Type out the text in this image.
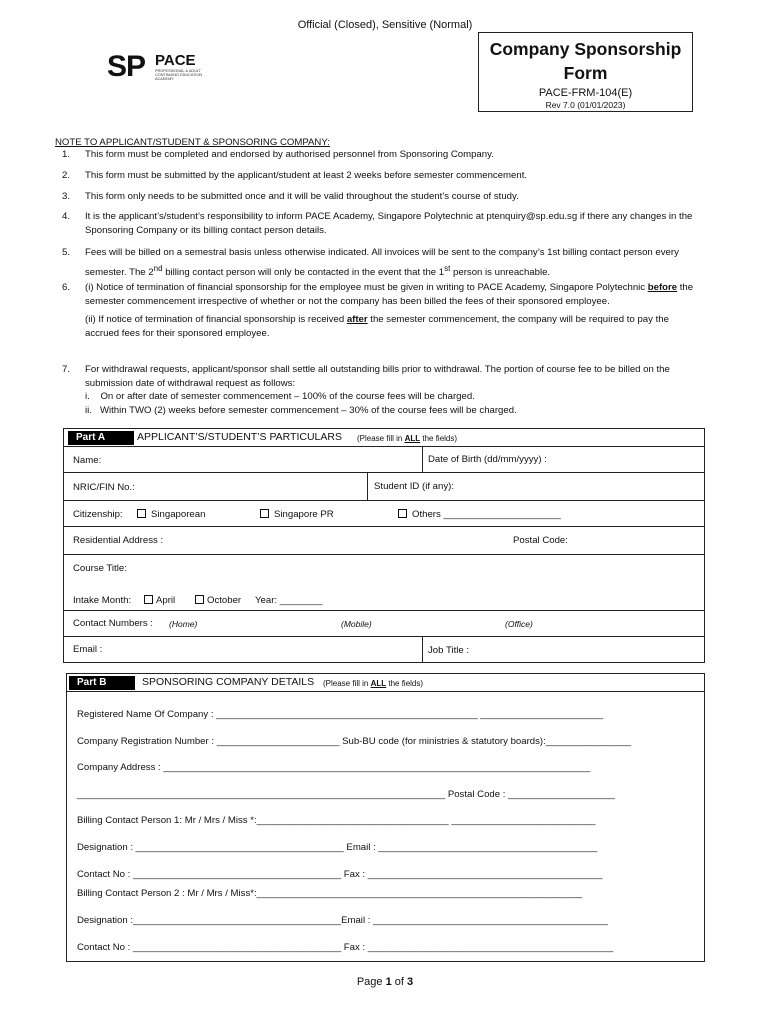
Official (Closed), Sensitive (Normal)
SP PACE
PROFESSIONAL & ADULT CONTINUING EDUCATION ACADEMY
Company Sponsorship
Form
PACE-FRM-104(E)
Rev 7.0 (01/01/2023)
NOTE TO APPLICANT/STUDENT & SPONSORING COMPANY:
1. This form must be completed and endorsed by authorised personnel from Sponsoring Company.
2. This form must be submitted by the applicant/student at least 2 weeks before semester commencement.
3. This form only needs to be submitted once and it will be valid throughout the student’s course of study.
4. It is the applicant’s/student’s responsibility to inform PACE Academy, Singapore Polytechnic at ptenquiry@sp.edu.sg if there any changes in the Sponsoring Company or its billing contact person details.
5. Fees will be billed on a semestral basis unless otherwise indicated. All invoices will be sent to the company’s 1st billing contact person every semester. The 2nd billing contact person will only be contacted in the event that the 1st person is unreachable.
6. (i) Notice of termination of financial sponsorship for the employee must be given in writing to PACE Academy, Singapore Polytechnic before the semester commencement irrespective of whether or not the company has been billed the fees of their sponsored employee.
(ii) If notice of termination of financial sponsorship is received after the semester commencement, the company will be required to pay the accrued fees for their sponsored employee.
7. For withdrawal requests, applicant/sponsor shall settle all outstanding bills prior to withdrawal. The portion of course fee to be billed on the submission date of withdrawal request as follows:
i. On or after date of semester commencement – 100% of the course fees will be charged.
ii. Within TWO (2) weeks before semester commencement – 30% of the course fees will be charged.
Part A	APPLICANT’S/STUDENT’S PARTICULARS (Please fill in ALL the fields)
Name:	Date of Birth (dd/mm/yyyy) :
NRIC/FIN No.:	Student ID (if any):
Citizenship:	Singaporean	Singapore PR	Others ______________________
Residential Address :	Postal Code:
Course Title:
Intake Month:	April	October Year: ________
Contact Numbers : (Home)	(Mobile)	(Office)
Email :	Job Title :
Part B	SPONSORING COMPANY DETAILS (Please fill in ALL the fields)
Registered Name Of Company : _________________________________________________ _______________________
Company Registration Number : _______________________ Sub-BU code (for ministries & statutory boards):________________
Company Address : ________________________________________________________________________________
_____________________________________________________________________ Postal Code : ____________________
Billing Contact Person 1: Mr / Mrs / Miss *:____________________________________ ___________________________
Designation : _______________________________________ Email : _________________________________________
Contact No : _______________________________________ Fax : ____________________________________________
Billing Contact Person 2 : Mr / Mrs / Miss*:_____________________________________________________________
Designation :_______________________________________Email : ____________________________________________
Contact No : _______________________________________ Fax : ______________________________________________
Page 1 of 3
